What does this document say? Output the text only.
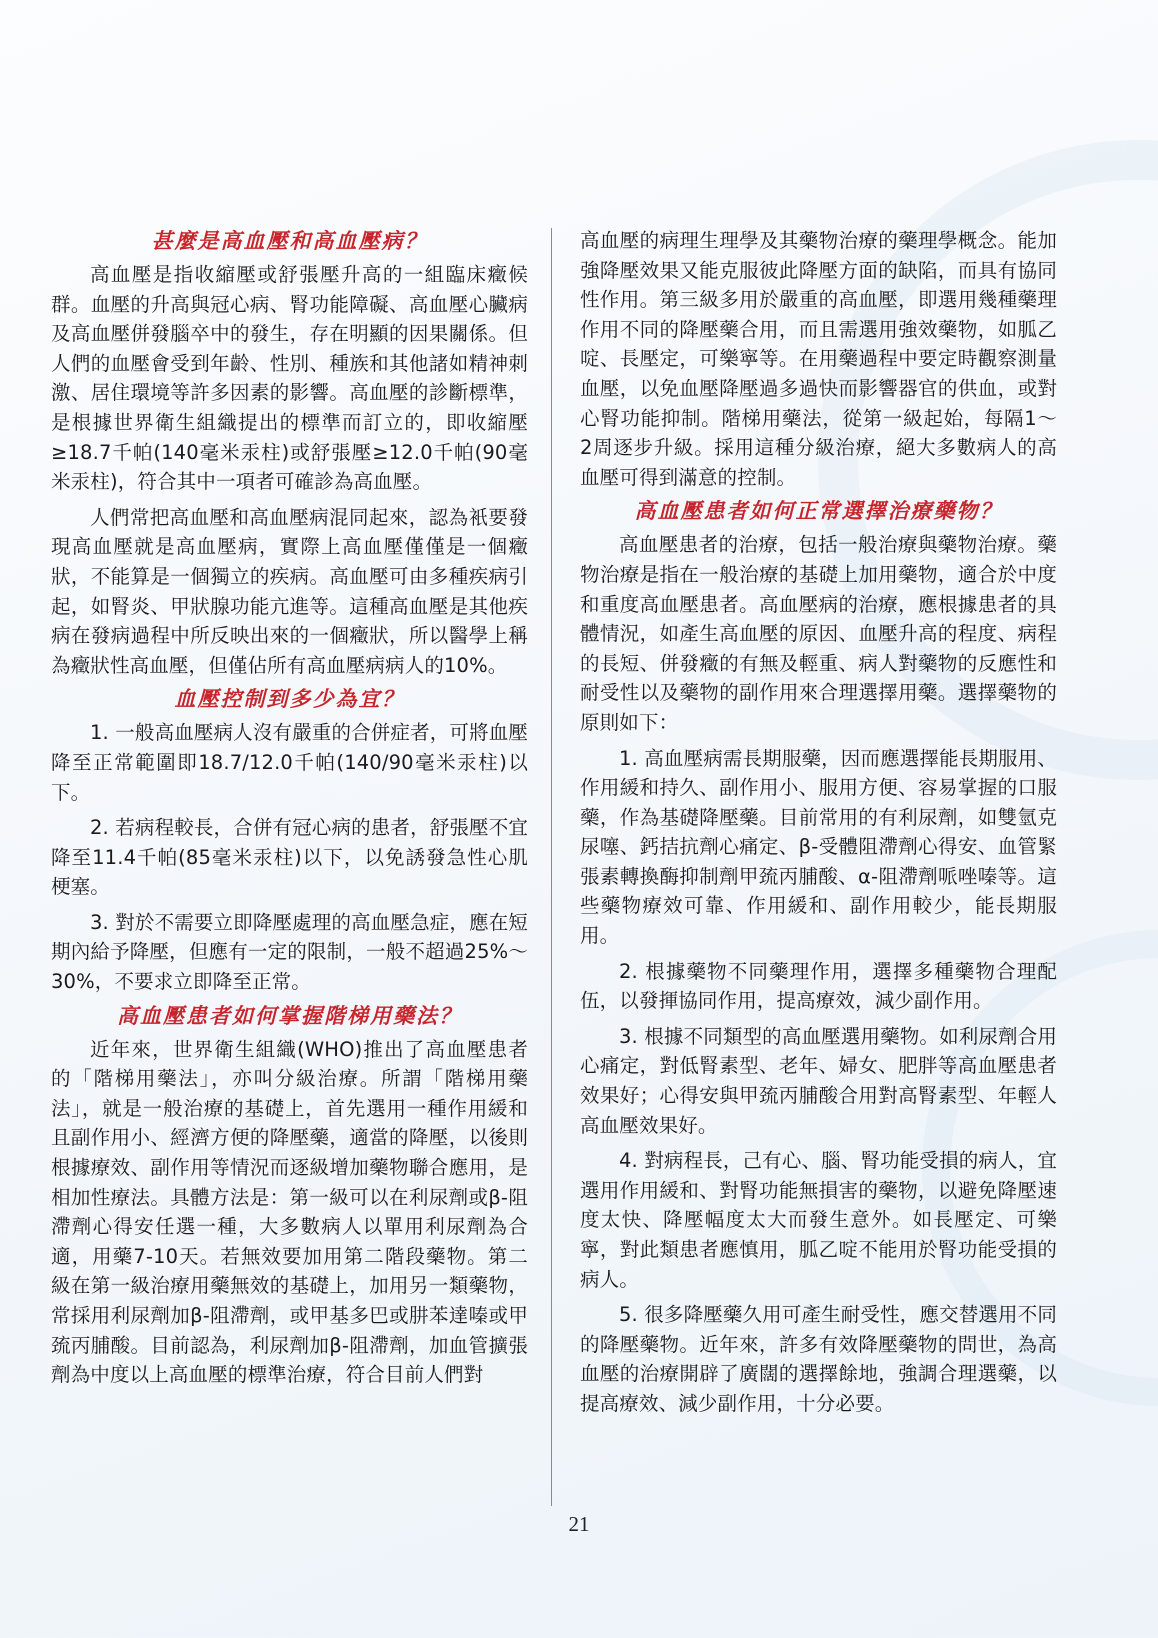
甚麼是高血壓和高血壓病？

高血壓是指收縮壓或舒張壓升高的一組臨床癥候群。血壓的升高與冠心病、腎功能障礙、高血壓心臟病及高血壓併發腦卒中的發生，存在明顯的因果關係。但人們的血壓會受到年齡、性別、種族和其他諸如精神刺激、居住環境等許多因素的影響。高血壓的診斷標準，是根據世界衛生組織提出的標準而訂立的，即收縮壓≥18.7千帕(140毫米汞柱)或舒張壓≥12.0千帕(90毫米汞柱)，符合其中一項者可確診為高血壓。

人們常把高血壓和高血壓病混同起來，認為衹要發現高血壓就是高血壓病，實際上高血壓僅僅是一個癥狀，不能算是一個獨立的疾病。高血壓可由多種疾病引起，如腎炎、甲狀腺功能亢進等。這種高血壓是其他疾病在發病過程中所反映出來的一個癥狀，所以醫學上稱為癥狀性高血壓，但僅佔所有高血壓病病人的10%。

血壓控制到多少為宜？

1. 一般高血壓病人沒有嚴重的合併症者，可將血壓降至正常範圍即18.7/12.0千帕(140/90毫米汞柱)以下。

2. 若病程較長，合併有冠心病的患者，舒張壓不宜降至11.4千帕(85毫米汞柱)以下，以免誘發急性心肌梗塞。

3. 對於不需要立即降壓處理的高血壓急症，應在短期內給予降壓，但應有一定的限制，一般不超過25%～30%，不要求立即降至正常。

高血壓患者如何掌握階梯用藥法？

近年來，世界衛生組織(WHO)推出了高血壓患者的「階梯用藥法」，亦叫分級治療。所謂「階梯用藥法」，就是一般治療的基礎上，首先選用一種作用緩和且副作用小、經濟方便的降壓藥，適當的降壓，以後則根據療效、副作用等情況而逐級增加藥物聯合應用，是相加性療法。具體方法是：第一級可以在利尿劑或β-阻滯劑心得安任選一種，大多數病人以單用利尿劑為合適，用藥7-10天。若無效要加用第二階段藥物。第二級在第一級治療用藥無效的基礎上，加用另一類藥物，常採用利尿劑加β-阻滯劑，或甲基多巴或肼苯達嗪或甲巯丙脯酸。目前認為，利尿劑加β-阻滯劑，加血管擴張劑為中度以上高血壓的標準治療，符合目前人們對

高血壓的病理生理學及其藥物治療的藥理學概念。能加強降壓效果又能克服彼此降壓方面的缺陷，而具有協同性作用。第三級多用於嚴重的高血壓，即選用幾種藥理作用不同的降壓藥合用，而且需選用強效藥物，如胍乙啶、長壓定，可樂寧等。在用藥過程中要定時觀察測量血壓，以免血壓降壓過多過快而影響器官的供血，或對心腎功能抑制。階梯用藥法，從第一級起始，每隔1～2周逐步升級。採用這種分級治療，絕大多數病人的高血壓可得到滿意的控制。

高血壓患者如何正常選擇治療藥物？

高血壓患者的治療，包括一般治療與藥物治療。藥物治療是指在一般治療的基礎上加用藥物，適合於中度和重度高血壓患者。高血壓病的治療，應根據患者的具體情況，如產生高血壓的原因、血壓升高的程度、病程的長短、併發癥的有無及輕重、病人對藥物的反應性和耐受性以及藥物的副作用來合理選擇用藥。選擇藥物的原則如下：

1. 高血壓病需長期服藥，因而應選擇能長期服用、作用緩和持久、副作用小、服用方便、容易掌握的口服藥，作為基礎降壓藥。目前常用的有利尿劑，如雙氫克尿噻、鈣拮抗劑心痛定、β-受體阻滯劑心得安、血管緊張素轉換酶抑制劑甲巯丙脯酸、α-阻滯劑哌唑嗪等。這些藥物療效可靠、作用緩和、副作用較少，能長期服用。

2. 根據藥物不同藥理作用，選擇多種藥物合理配伍，以發揮協同作用，提高療效，減少副作用。

3. 根據不同類型的高血壓選用藥物。如利尿劑合用心痛定，對低腎素型、老年、婦女、肥胖等高血壓患者效果好；心得安與甲巯丙脯酸合用對高腎素型、年輕人高血壓效果好。

4. 對病程長，己有心、腦、腎功能受損的病人，宜選用作用緩和、對腎功能無損害的藥物，以避免降壓速度太快、降壓幅度太大而發生意外。如長壓定、可樂寧，對此類患者應慎用，胍乙啶不能用於腎功能受損的病人。

5. 很多降壓藥久用可產生耐受性，應交替選用不同的降壓藥物。近年來，許多有效降壓藥物的問世，為高血壓的治療開辟了廣闊的選擇餘地，強調合理選藥，以提高療效、減少副作用，十分必要。

21
